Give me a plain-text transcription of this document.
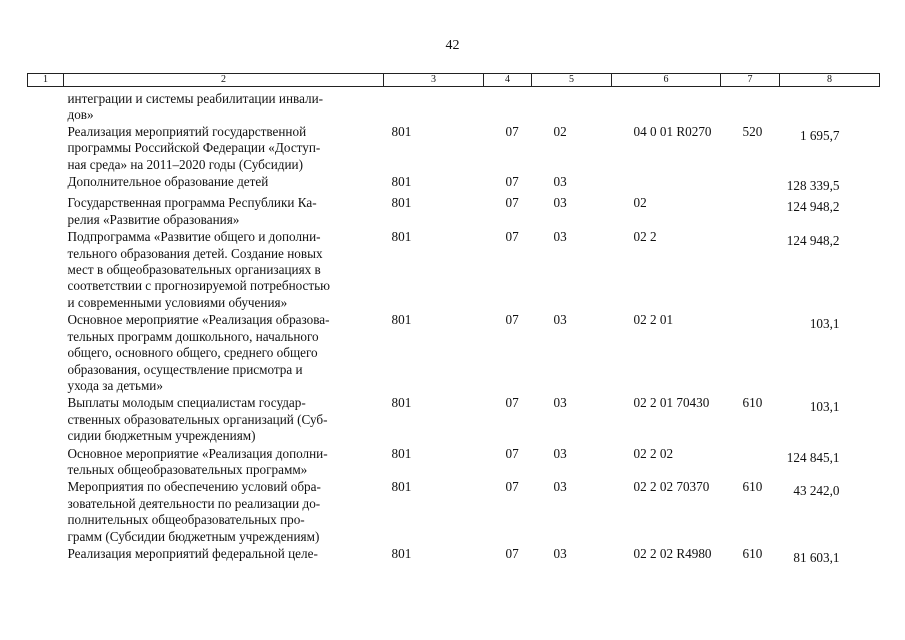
42
1	2	3	4	5	6	7	8

интеграции и системы реабилитации инвали-
дов»							

Реализация мероприятий государственной
программы Российской Федерации «Доступ-
ная среда» на 2011–2020 годы (Субсидии)		801	07	02	04 0 01 R0270	520	1 695,7

Дополнительное образование детей		801	07	03			128 339,5

Государственная программа Республики Ка-
релия «Развитие образования»		801	07	03	02		124 948,2

Подпрограмма «Развитие общего и дополни-
тельного образования детей. Создание новых
мест в общеобразовательных организациях в
соответствии с прогнозируемой потребностью
и современными условиями обучения»		801	07	03	02 2		124 948,2

Основное мероприятие «Реализация образова-
тельных программ дошкольного, начального
общего, основного общего, среднего общего
образования, осуществление присмотра и
ухода за детьми»		801	07	03	02 2 01		103,1

Выплаты молодым специалистам государ-
ственных образовательных организаций (Суб-
сидии бюджетным учреждениям)		801	07	03	02 2 01 70430	610	103,1

Основное мероприятие «Реализация дополни-
тельных общеобразовательных программ»		801	07	03	02 2 02		124 845,1

Мероприятия по обеспечению условий обра-
зовательной деятельности по реализации до-
полнительных общеобразовательных про-
грамм (Субсидии бюджетным учреждениям)		801	07	03	02 2 02 70370	610	43 242,0

Реализация мероприятий федеральной целе-		801	07	03	02 2 02 R4980	610	81 603,1
